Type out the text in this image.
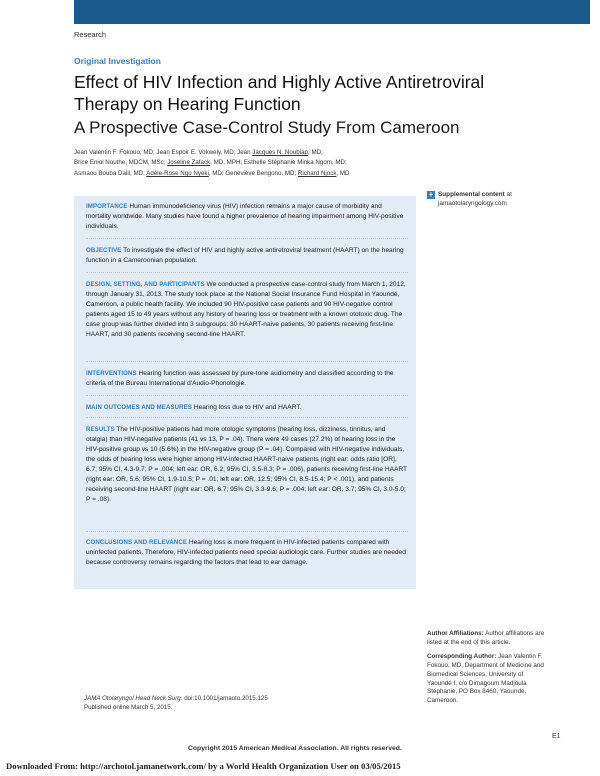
Research
Original Investigation
Effect of HIV Infection and Highly Active Antiretroviral Therapy on Hearing Function
A Prospective Case-Control Study From Cameroon
Jean Valentin F. Fokouo, MD; Jean Espoir E. Vokwely, MD; Jean Jacques N. Noubiap, MD;
Brice Eniol Nouthe, MDCM, MSc; Joseline Zafack, MD, MPH; Esthelle Stéphanie Minka Ngom, MD;
Asmaou Bouba Dalil, MD; Adèle-Rose Ngo Nyeki, MD; Geneviève Bengono, MD; Richard Njock, MD
+ Supplemental content at jamaotolaryngology.com
IMPORTANCE Human immunodeficiency virus (HIV) infection remains a major cause of morbidity and mortality worldwide. Many studies have found a higher prevalence of hearing impairment among HIV-positive individuals.
OBJECTIVE To investigate the effect of HIV and highly active antiretroviral treatment (HAART) on the hearing function in a Cameroonian population.
DESIGN, SETTING, AND PARTICIPANTS We conducted a prospective case-control study from March 1, 2012, through January 31, 2013. The study took place at the National Social Insurance Fund Hospital in Yaoundé, Cameroon, a public health facility. We included 90 HIV-positive case patients and 90 HIV-negative control patients aged 15 to 49 years without any history of hearing loss or treatment with a known ototoxic drug. The case group was further divided into 3 subgroups: 30 HAART-naive patients, 30 patients receiving first-line HAART, and 30 patients receiving second-line HAART.
INTERVENTIONS Hearing function was assessed by pure-tone audiometry and classified according to the criteria of the Bureau International d'Audio-Phonologie.
MAIN OUTCOMES AND MEASURES Hearing loss due to HIV and HAART.
RESULTS The HIV-positive patients had more otologic symptoms (hearing loss, dizziness, tinnitus, and otalgia) than HIV-negative patients (41 vs 13, P = .04). There were 49 cases (27.2%) of hearing loss in the HIV-positive group vs 10 (5.6%) in the HIV-negative group (P = .04). Compared with HIV-negative individuals, the odds of hearing loss were higher among HIV-infected HAART-naive patients (right ear: odds ratio [OR], 6.7; 95% CI, 4.3-9.7; P = .004; left ear: OR, 6.2; 95% CI, 3.5-8.3; P = .006), patients receiving first-line HAART (right ear: OR, 5.6; 95% CI, 1.9-10.5; P = .01; left ear: OR, 12.5; 95% CI, 8.5-15.4; P < .001), and patients receiving second-line HAART (right ear: OR, 6.7; 95% CI, 3.3-9.6; P = .004; left ear: OR, 3.7; 95% CI, 3.0-5.0; P = .08).
CONCLUSIONS AND RELEVANCE Hearing loss is more frequent in HIV-infected patients compared with uninfected patients. Therefore, HIV-infected patients need special audiologic care. Further studies are needed because controversy remains regarding the factors that lead to ear damage.
Author Affiliations: Author affiliations are listed at the end of this article.
Corresponding Author: Jean Valentin F. Fokouo, MD, Department of Medicine and Biomedical Sciences, University of Yaoundé I, c/o Dimagoum Madjoula Stéphanie, PO Box 8460, Yaoundé, Cameroon.
JAMA Otolaryngol Head Neck Surg. doi:10.1001/jamaoto.2015.125
Published online March 5, 2015.
Copyright 2015 American Medical Association. All rights reserved.
E1
Downloaded From: http://archotol.jamanetwork.com/ by a World Health Organization User on 03/05/2015
